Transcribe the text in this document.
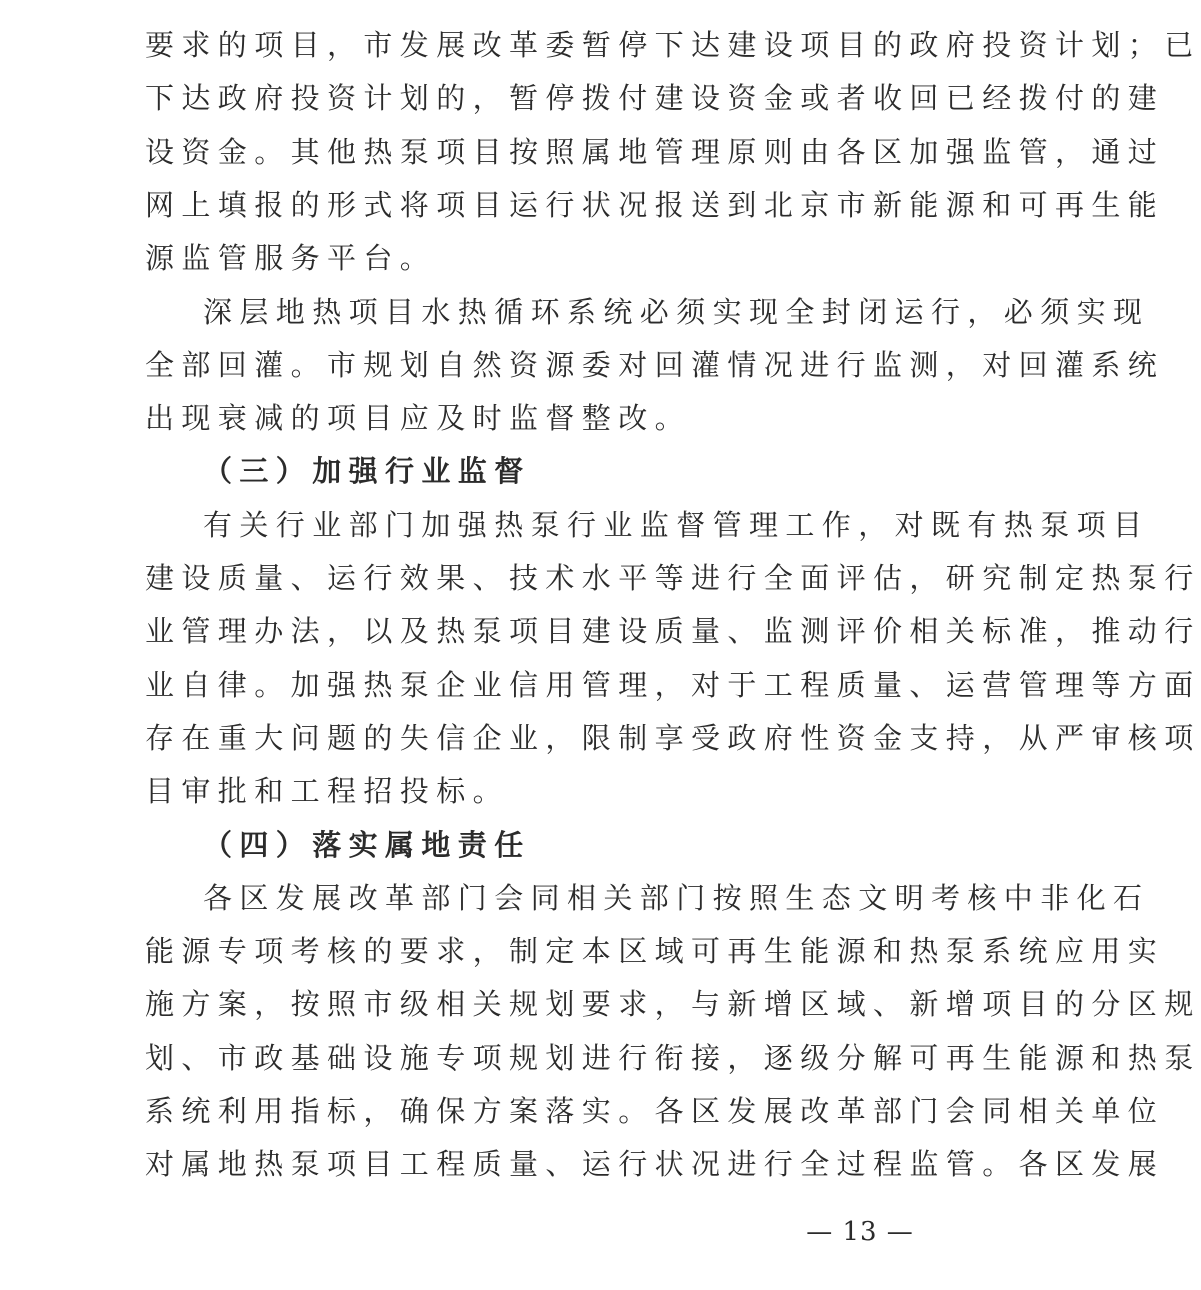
要求的项目，市发展改革委暂停下达建设项目的政府投资计划；已
下达政府投资计划的，暂停拨付建设资金或者收回已经拨付的建
设资金。其他热泵项目按照属地管理原则由各区加强监管，通过
网上填报的形式将项目运行状况报送到北京市新能源和可再生能
源监管服务平台。
深层地热项目水热循环系统必须实现全封闭运行，必须实现
全部回灌。市规划自然资源委对回灌情况进行监测，对回灌系统
出现衰减的项目应及时监督整改。
（三）加强行业监督
有关行业部门加强热泵行业监督管理工作，对既有热泵项目
建设质量、运行效果、技术水平等进行全面评估，研究制定热泵行
业管理办法，以及热泵项目建设质量、监测评价相关标准，推动行
业自律。加强热泵企业信用管理，对于工程质量、运营管理等方面
存在重大问题的失信企业，限制享受政府性资金支持，从严审核项
目审批和工程招投标。
（四）落实属地责任
各区发展改革部门会同相关部门按照生态文明考核中非化石
能源专项考核的要求，制定本区域可再生能源和热泵系统应用实
施方案，按照市级相关规划要求，与新增区域、新增项目的分区规
划、市政基础设施专项规划进行衔接，逐级分解可再生能源和热泵
系统利用指标，确保方案落实。各区发展改革部门会同相关单位
对属地热泵项目工程质量、运行状况进行全过程监管。各区发展
— 13 —
